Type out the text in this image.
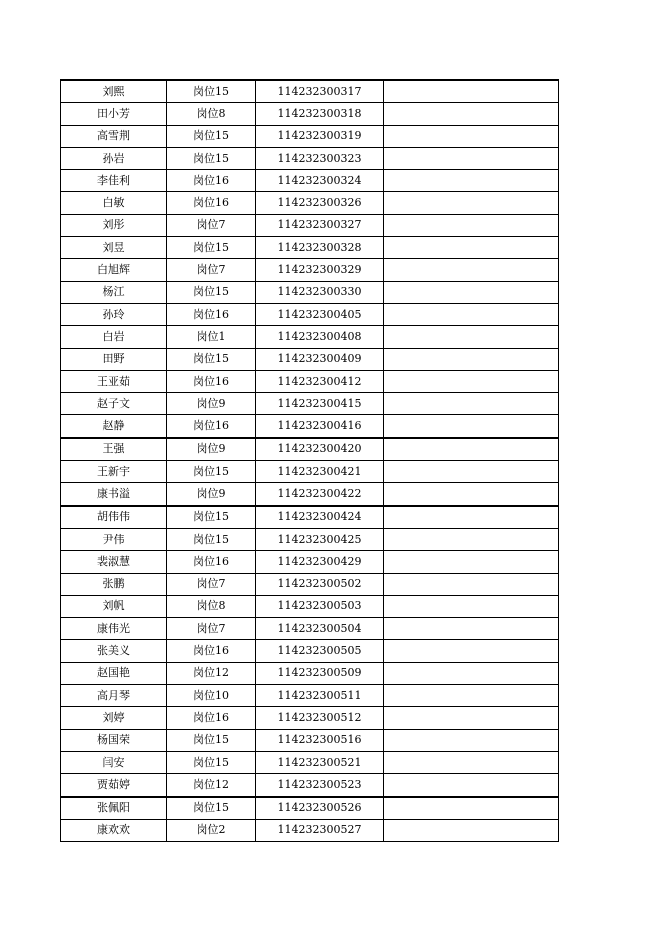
刘熙	岗位15	114232300317	
田小芳	岗位8	114232300318	
高雪荆	岗位15	114232300319	
孙岩	岗位15	114232300323	
李佳利	岗位16	114232300324	
白敏	岗位16	114232300326	
刘彤	岗位7	114232300327	
刘昱	岗位15	114232300328	
白旭辉	岗位7	114232300329	
杨江	岗位15	114232300330	
孙玲	岗位16	114232300405	
白岩	岗位1	114232300408	
田野	岗位15	114232300409	
王亚茹	岗位16	114232300412	
赵子文	岗位9	114232300415	
赵静	岗位16	114232300416	
王强	岗位9	114232300420	
王新宇	岗位15	114232300421	
康书溢	岗位9	114232300422	
胡伟伟	岗位15	114232300424	
尹伟	岗位15	114232300425	
裴淑慧	岗位16	114232300429	
张鹏	岗位7	114232300502	
刘帆	岗位8	114232300503	
康伟光	岗位7	114232300504	
张美义	岗位16	114232300505	
赵国艳	岗位12	114232300509	
高月琴	岗位10	114232300511	
刘婷	岗位16	114232300512	
杨国荣	岗位15	114232300516	
闫安	岗位15	114232300521	
贾茹婷	岗位12	114232300523	
张佩阳	岗位15	114232300526	
康欢欢	岗位2	114232300527	
